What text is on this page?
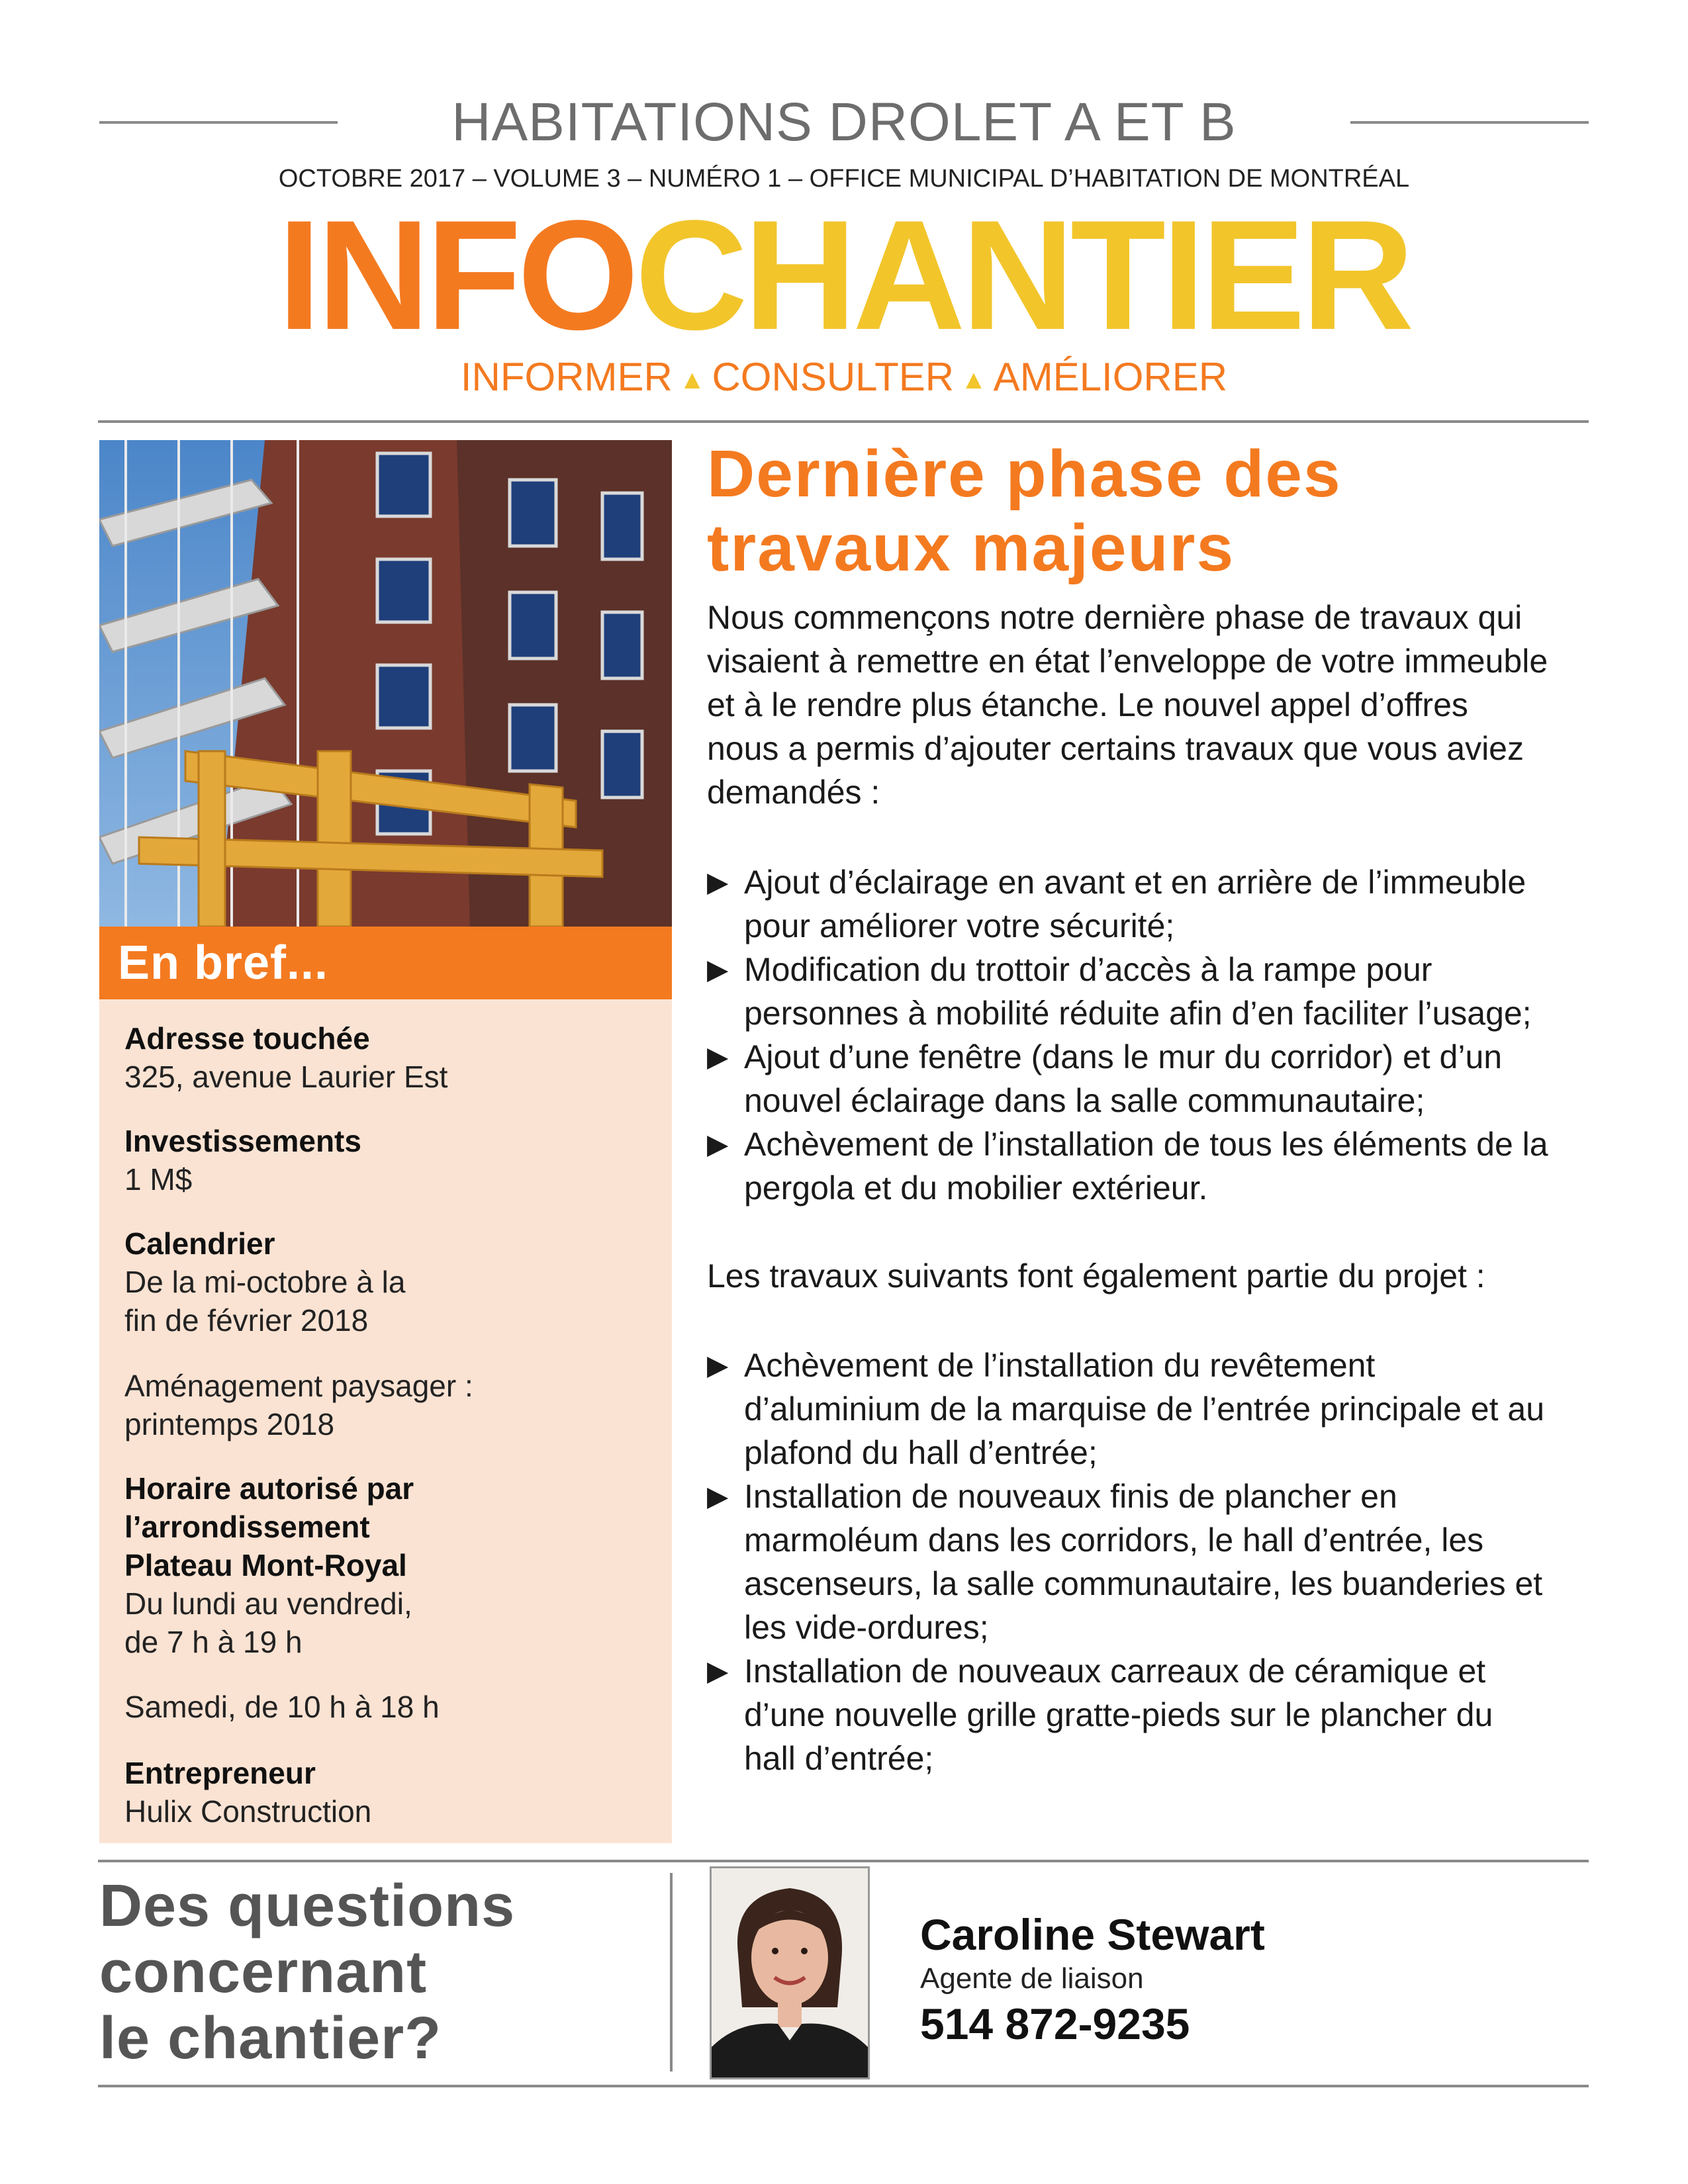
HABITATIONS DROLET A ET B
OCTOBRE 2017 – VOLUME 3 – NUMÉRO 1 – OFFICE MUNICIPAL D’HABITATION DE MONTRÉAL
INFOCHANTIER
INFORMER ▲ CONSULTER ▲ AMÉLIORER
En bref...
Adresse touchée
325, avenue Laurier Est
Investissements
1 M$
Calendrier
De la mi-octobre à la
fin de février 2018
Aménagement paysager :
printemps 2018
Horaire autorisé par
l’arrondissement
Plateau Mont-Royal
Du lundi au vendredi,
de 7 h à 19 h
Samedi, de 10 h à 18 h
Entrepreneur
Hulix Construction
Dernière phase des
travaux majeurs
Nous commençons notre dernière phase de travaux qui
visaient à remettre en état l’enveloppe de votre immeuble
et à le rendre plus étanche. Le nouvel appel d’offres
nous a permis d’ajouter certains travaux que vous aviez
demandés :
▶ Ajout d’éclairage en avant et en arrière de l’immeuble
pour améliorer votre sécurité;
▶ Modification du trottoir d’accès à la rampe pour
personnes à mobilité réduite afin d’en faciliter l’usage;
▶ Ajout d’une fenêtre (dans le mur du corridor) et d’un
nouvel éclairage dans la salle communautaire;
▶ Achèvement de l’installation de tous les éléments de la
pergola et du mobilier extérieur.
Les travaux suivants font également partie du projet :
▶ Achèvement de l’installation du revêtement
d’aluminium de la marquise de l’entrée principale et au
plafond du hall d’entrée;
▶ Installation de nouveaux finis de plancher en
marmoléum dans les corridors, le hall d’entrée, les
ascenseurs, la salle communautaire, les buanderies et
les vide-ordures;
▶ Installation de nouveaux carreaux de céramique et
d’une nouvelle grille gratte-pieds sur le plancher du
hall d’entrée;
Des questions
concernant
le chantier?
Caroline Stewart
Agente de liaison
514 872-9235
